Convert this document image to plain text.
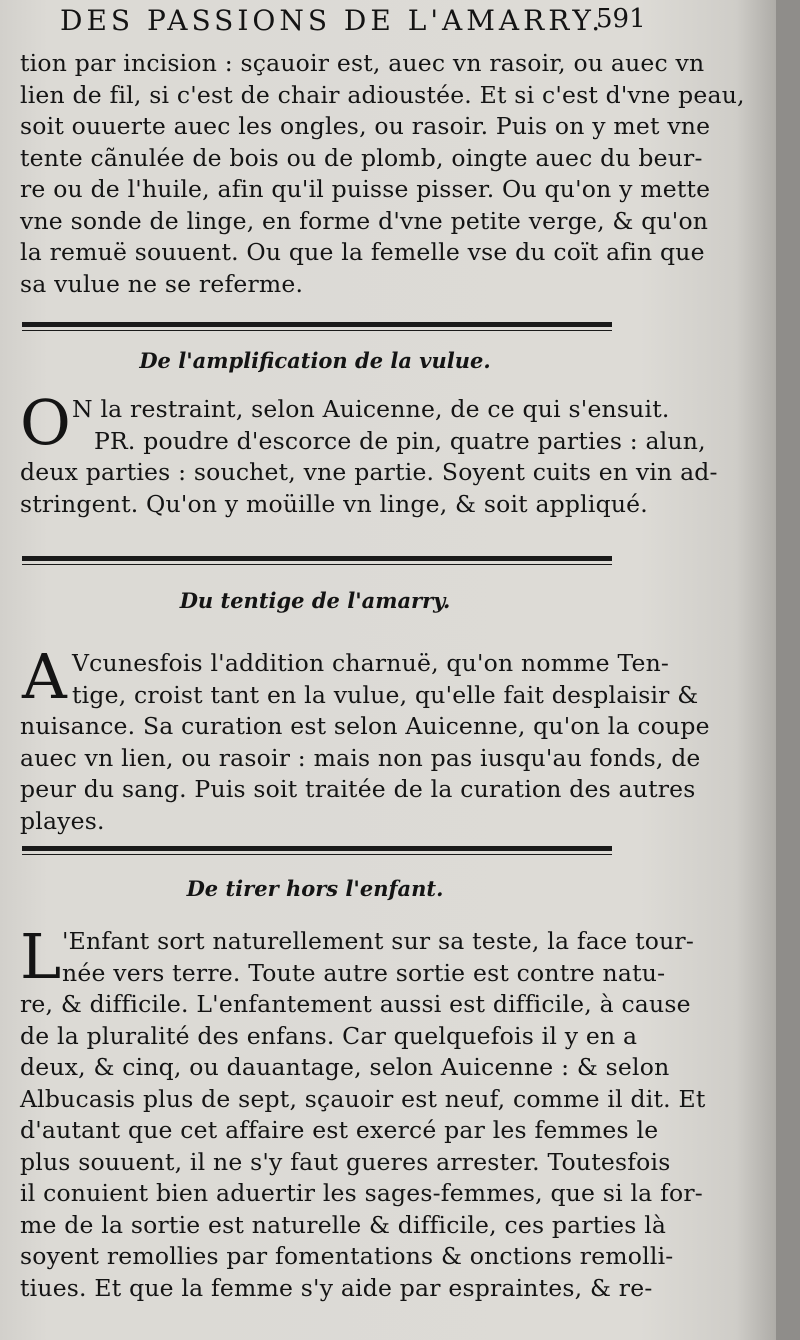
DES PASSIONS DE L'AMARRY.
591

tion par incision : sçauoir est, auec vn rasoir, ou auec vn

lien de fil, si c'est de chair adioustée. Et si c'est d'vne peau,

soit ouuerte auec les ongles, ou rasoir. Puis on y met vne

tente cãnulée de bois ou de plomb, oingte auec du beur-

re ou de l'huile, afin qu'il puisse pisser. Ou qu'on y mette

vne sonde de linge, en forme d'vne petite verge, & qu'on

la remuë souuent. Ou que la femelle vse du coït afin que

sa vulue ne se referme.

De l'amplification de la vulue.
O N la restraint, selon Auicenne, de ce qui s'ensuit.

PR. poudre d'escorce de pin, quatre parties : alun,

deux parties : souchet, vne partie. Soyent cuits en vin ad-

stringent. Qu'on y moüille vn linge, & soit appliqué.

Du tentige de l'amarry.
A Vcunesfois l'addition charnuë, qu'on nomme Ten-

tige, croist tant en la vulue, qu'elle fait desplaisir &

nuisance. Sa curation est selon Auicenne, qu'on la coupe

auec vn lien, ou rasoir : mais non pas iusqu'au fonds, de

peur du sang. Puis soit traitée de la curation des autres

playes.

De tirer hors l'enfant.
L 'Enfant sort naturellement sur sa teste, la face tour-

née vers terre. Toute autre sortie est contre natu-

re, & difficile. L'enfantement aussi est difficile, à cause

de la pluralité des enfans. Car quelquefois il y en a

deux, & cinq, ou dauantage, selon Auicenne : & selon

Albucasis plus de sept, sçauoir est neuf, comme il dit. Et

d'autant que cet affaire est exercé par les femmes le

plus souuent, il ne s'y faut gueres arrester. Toutesfois

il conuient bien aduertir les sages-femmes, que si la for-

me de la sortie est naturelle & difficile, ces parties là

soyent remollies par fomentations & onctions remolli-

tiues. Et que la femme s'y aide par espraintes, & re-
